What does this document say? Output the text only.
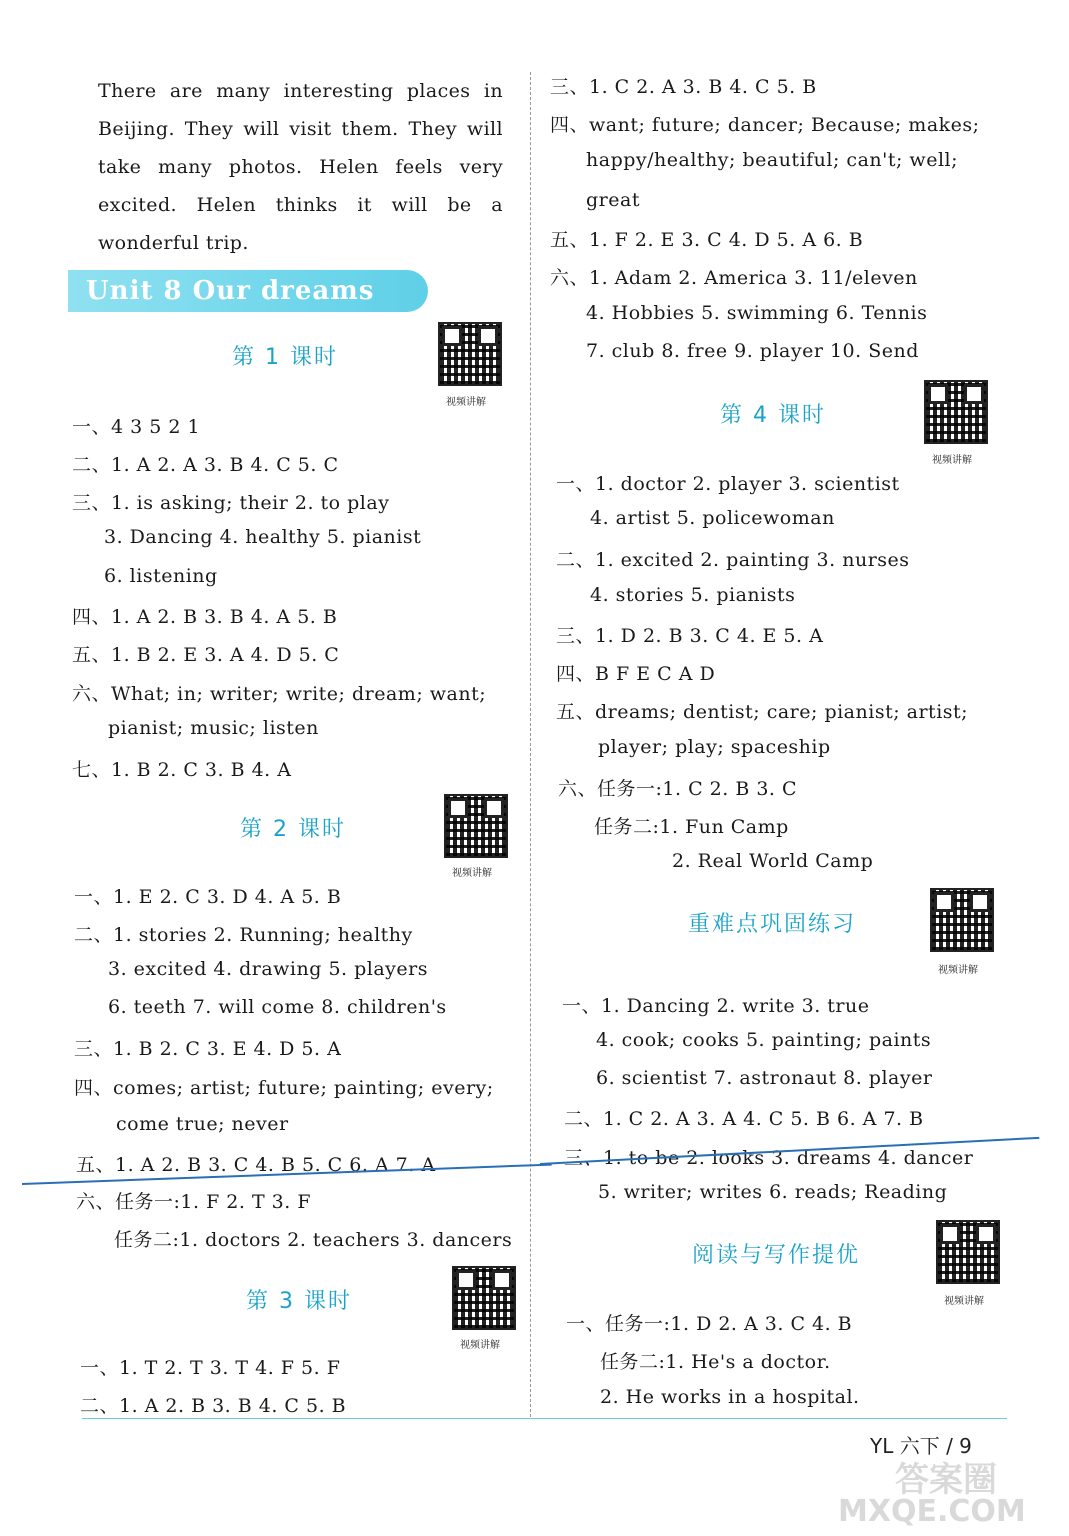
There are many interesting places in Beijing. They will visit them. They will take many photos. Helen feels very excited. Helen thinks it will be a wonderful trip.
Unit 8 Our dreams
第 1 课时
视频讲解
一、4 3 5 2 1
二、1. A 2. A 3. B 4. C 5. C
三、1. is asking; their 2. to play
3. Dancing 4. healthy 5. pianist
6. listening
四、1. A 2. B 3. B 4. A 5. B
五、1. B 2. E 3. A 4. D 5. C
六、What; in; writer; write; dream; want;
pianist; music; listen
七、1. B 2. C 3. B 4. A
第 2 课时
视频讲解
一、1. E 2. C 3. D 4. A 5. B
二、1. stories 2. Running; healthy
3. excited 4. drawing 5. players
6. teeth 7. will come 8. children's
三、1. B 2. C 3. E 4. D 5. A
四、comes; artist; future; painting; every;
come true; never
五、1. A 2. B 3. C 4. B 5. C 6. A 7. A
六、任务一:1. F 2. T 3. F
任务二:1. doctors 2. teachers 3. dancers
第 3 课时
视频讲解
一、1. T 2. T 3. T 4. F 5. F
二、1. A 2. B 3. B 4. C 5. B
三、1. C 2. A 3. B 4. C 5. B
四、want; future; dancer; Because; makes;
happy/healthy; beautiful; can't; well;
great
五、1. F 2. E 3. C 4. D 5. A 6. B
六、1. Adam 2. America 3. 11/eleven
4. Hobbies 5. swimming 6. Tennis
7. club 8. free 9. player 10. Send
第 4 课时
视频讲解
一、1. doctor 2. player 3. scientist
4. artist 5. policewoman
二、1. excited 2. painting 3. nurses
4. stories 5. pianists
三、1. D 2. B 3. C 4. E 5. A
四、B F E C A D
五、dreams; dentist; care; pianist; artist;
player; play; spaceship
六、任务一:1. C 2. B 3. C
任务二:1. Fun Camp
2. Real World Camp
重难点巩固练习
视频讲解
一、1. Dancing 2. write 3. true
4. cook; cooks 5. painting; paints
6. scientist 7. astronaut 8. player
二、1. C 2. A 3. A 4. C 5. B 6. A 7. B
三、1. to be 2. looks 3. dreams 4. dancer
5. writer; writes 6. reads; Reading
阅读与写作提优
视频讲解
一、任务一:1. D 2. A 3. C 4. B
任务二:1. He's a doctor.
2. He works in a hospital.
YL 六下 / 9
答案圈
MXQE.COM
